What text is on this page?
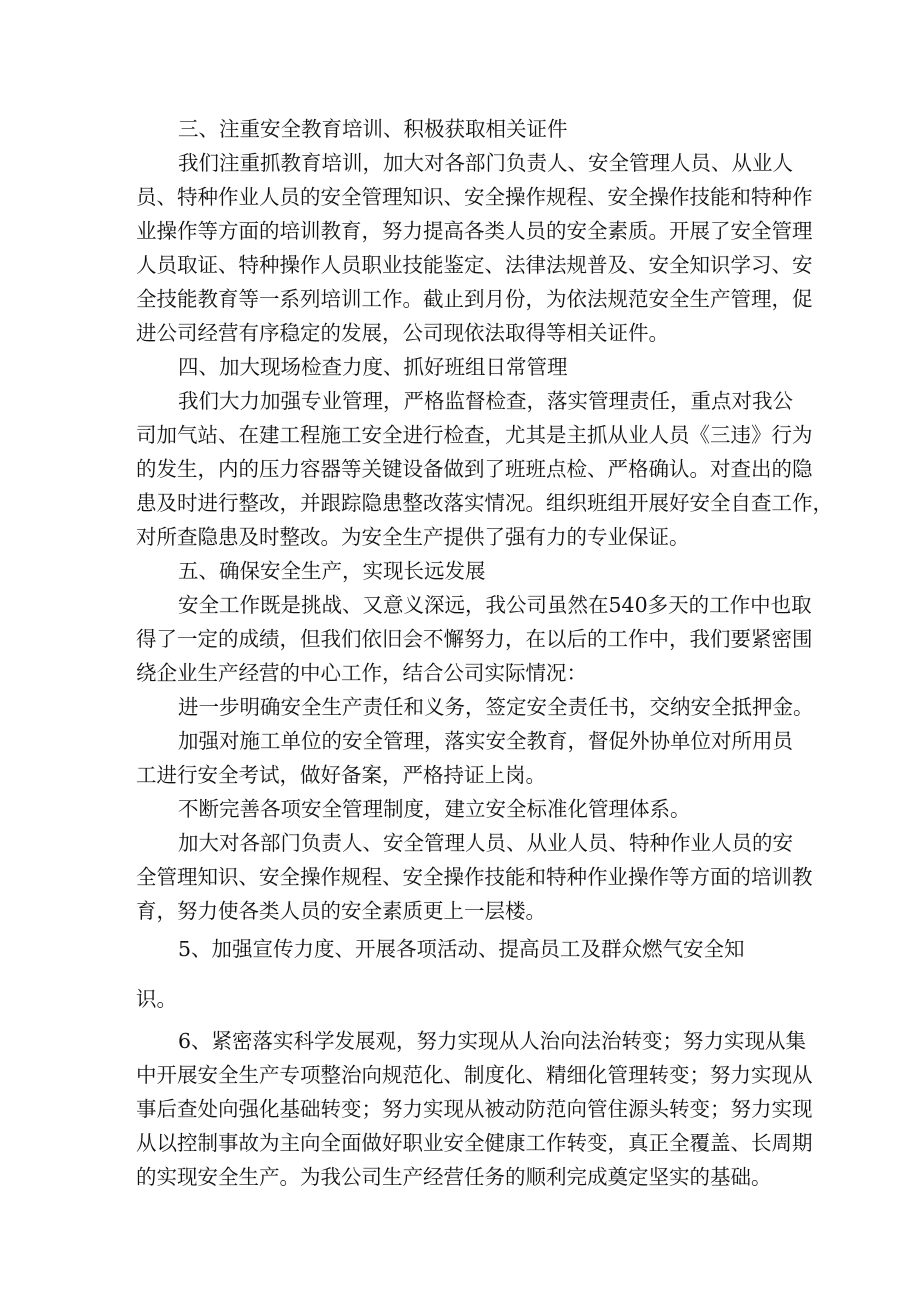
三、注重安全教育培训、积极获取相关证件
我们注重抓教育培训，加大对各部门负责人、安全管理人员、从业人
员、特种作业人员的安全管理知识、安全操作规程、安全操作技能和特种作
业操作等方面的培训教育，努力提高各类人员的安全素质。开展了安全管理
人员取证、特种操作人员职业技能鉴定、法律法规普及、安全知识学习、安
全技能教育等一系列培训工作。截止到月份，为依法规范安全生产管理，促
进公司经营有序稳定的发展，公司现依法取得等相关证件。
四、加大现场检查力度、抓好班组日常管理
我们大力加强专业管理，严格监督检查，落实管理责任，重点对我公
司加气站、在建工程施工安全进行检查，尤其是主抓从业人员《三违》行为
的发生，内的压力容器等关键设备做到了班班点检、严格确认。对查出的隐
患及时进行整改，并跟踪隐患整改落实情况。组织班组开展好安全自查工作，
对所查隐患及时整改。为安全生产提供了强有力的专业保证。
五、确保安全生产，实现长远发展
安全工作既是挑战、又意义深远，我公司虽然在540多天的工作中也取
得了一定的成绩，但我们依旧会不懈努力，在以后的工作中，我们要紧密围
绕企业生产经营的中心工作，结合公司实际情况：
进一步明确安全生产责任和义务，签定安全责任书，交纳安全抵押金。
加强对施工单位的安全管理，落实安全教育，督促外协单位对所用员
工进行安全考试，做好备案，严格持证上岗。
不断完善各项安全管理制度，建立安全标准化管理体系。
加大对各部门负责人、安全管理人员、从业人员、特种作业人员的安
全管理知识、安全操作规程、安全操作技能和特种作业操作等方面的培训教
育，努力使各类人员的安全素质更上一层楼。
5、加强宣传力度、开展各项活动、提高员工及群众燃气安全知
识。
6、紧密落实科学发展观，努力实现从人治向法治转变；努力实现从集
中开展安全生产专项整治向规范化、制度化、精细化管理转变；努力实现从
事后查处向强化基础转变；努力实现从被动防范向管住源头转变；努力实现
从以控制事故为主向全面做好职业安全健康工作转变，真正全覆盖、长周期
的实现安全生产。为我公司生产经营任务的顺利完成奠定坚实的基础。
